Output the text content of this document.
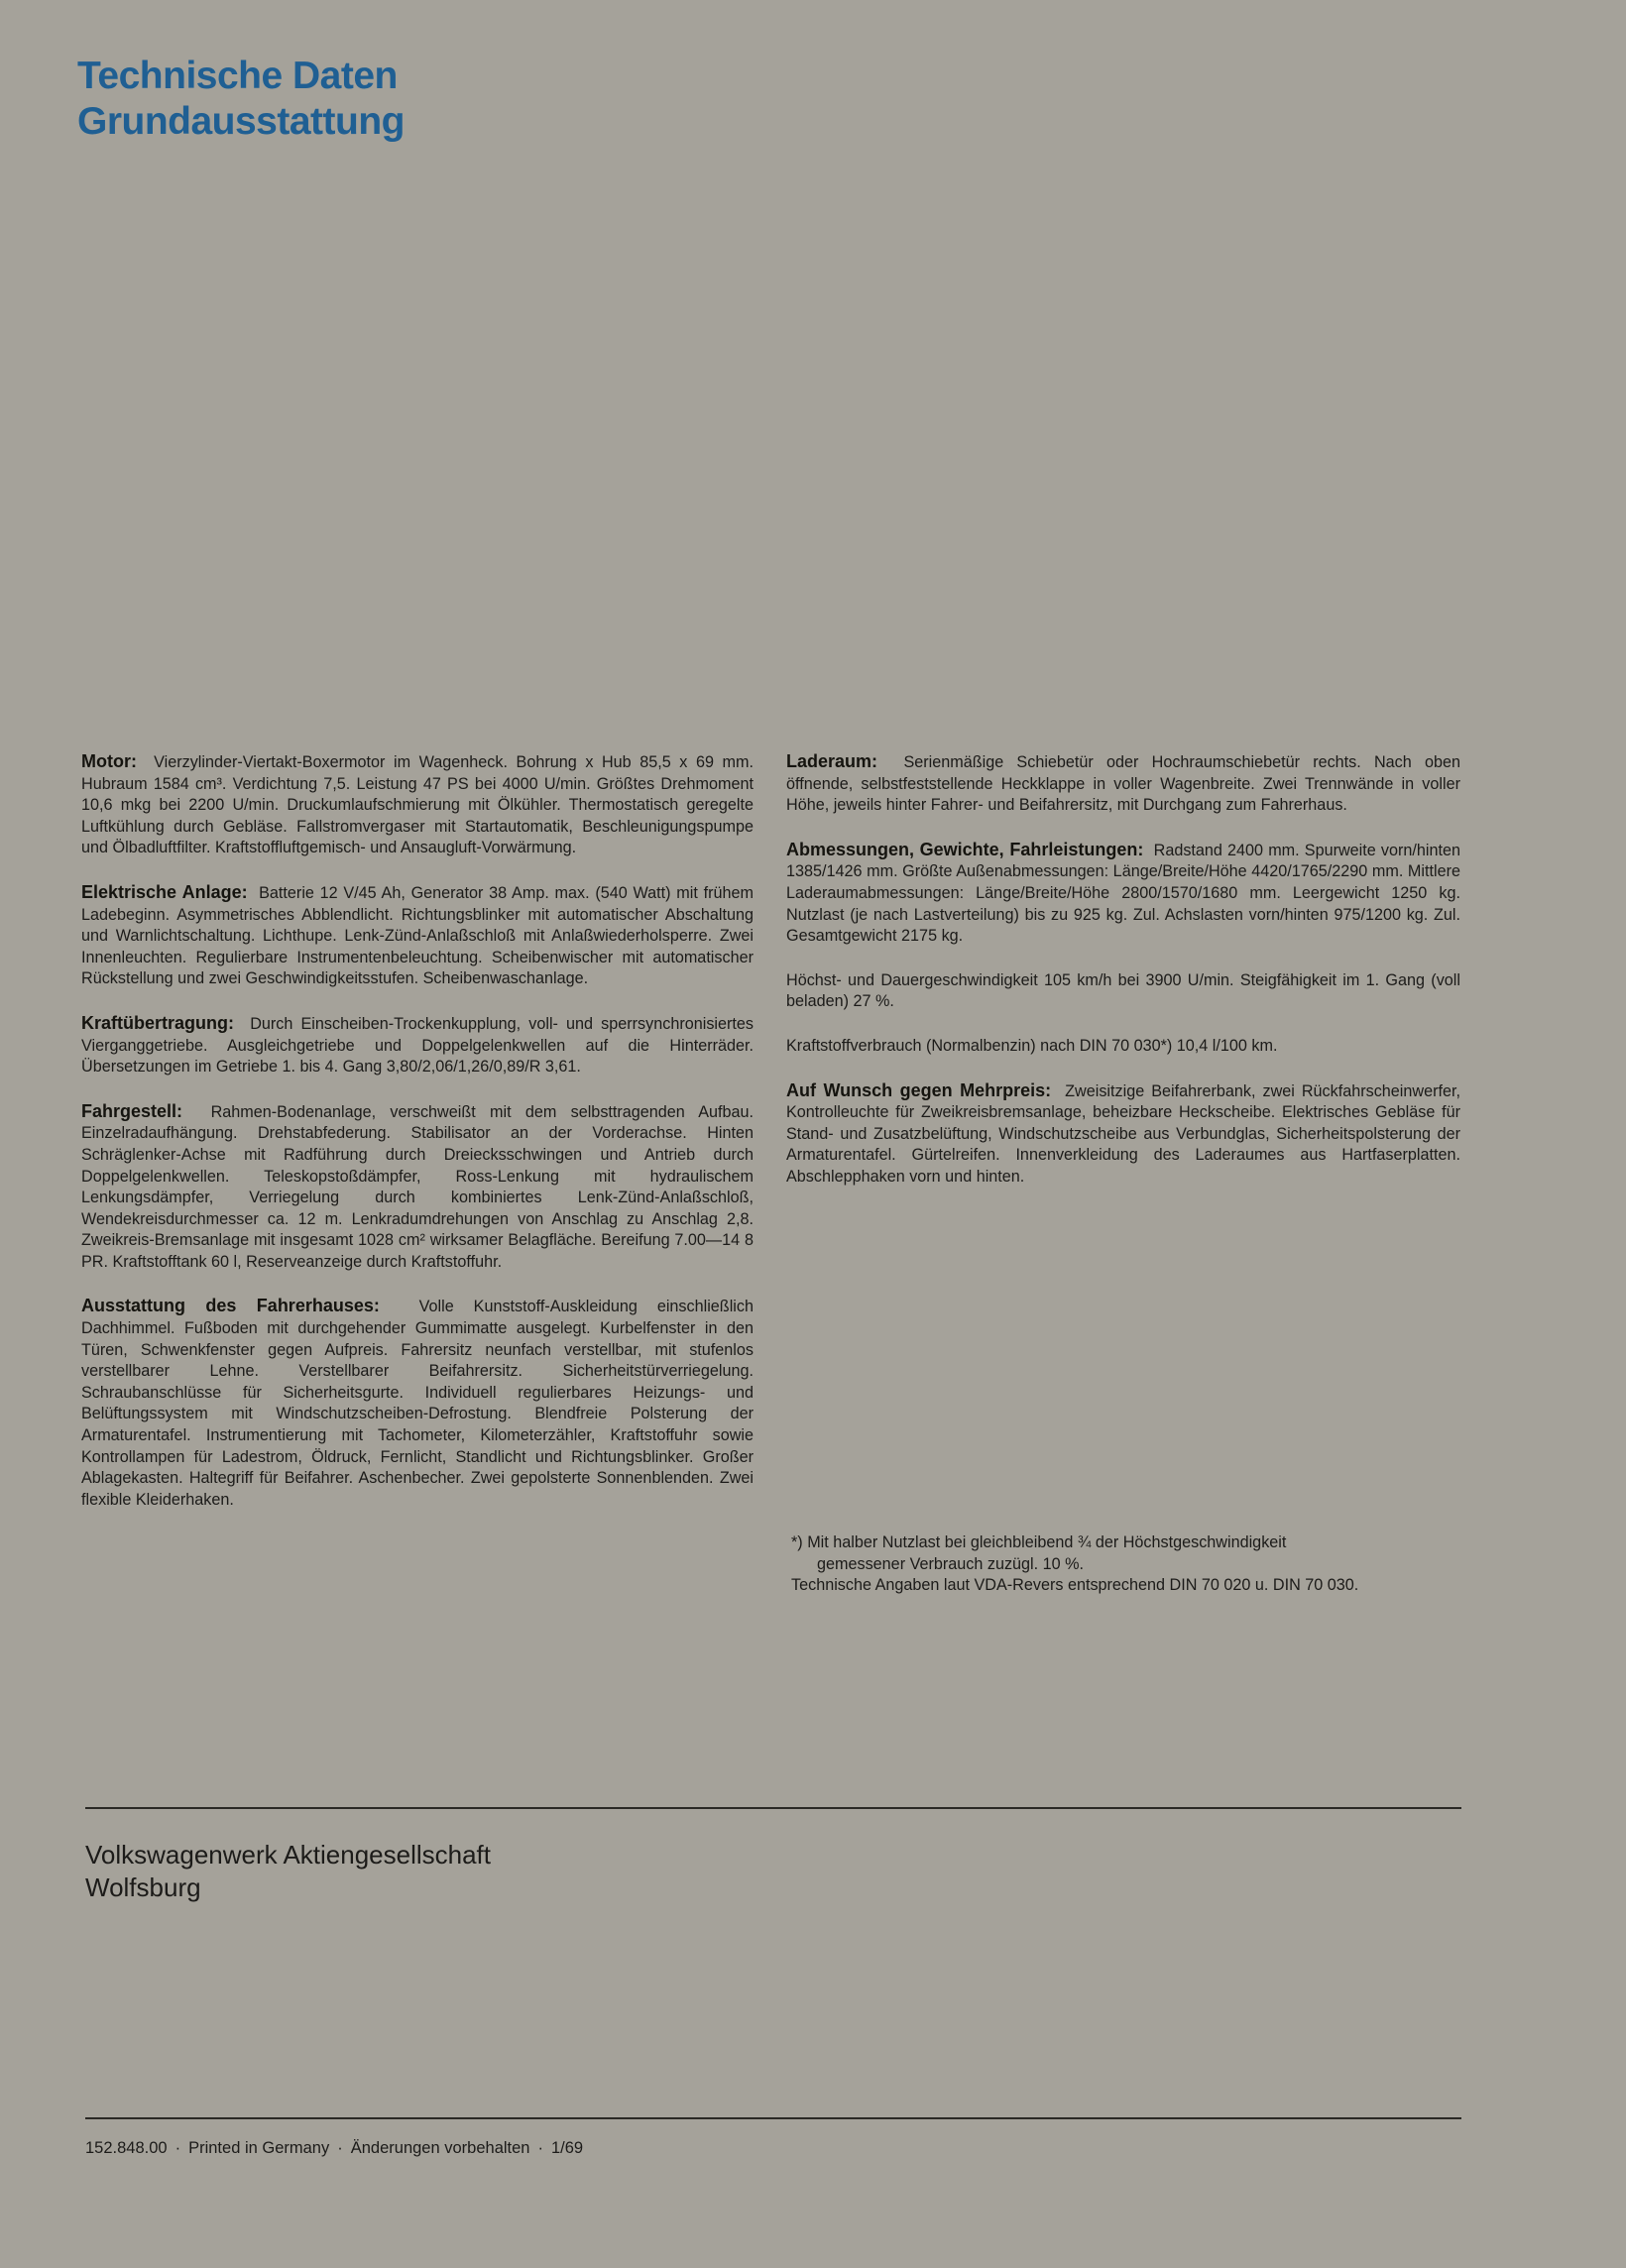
Technische Daten
Grundausstattung

Motor: Vierzylinder-Viertakt-Boxermotor im Wagenheck. Bohrung x Hub 85,5 x 69 mm. Hubraum 1584 cm³. Verdichtung 7,5. Leistung 47 PS bei 4000 U/min. Größtes Drehmoment 10,6 mkg bei 2200 U/min. Druckumlaufschmierung mit Ölkühler. Thermostatisch geregelte Luftkühlung durch Gebläse. Fallstromvergaser mit Startautomatik, Beschleunigungspumpe und Ölbadluftfilter. Kraftstoffluftgemisch- und Ansaugluft-Vorwärmung.

Elektrische Anlage: Batterie 12 V/45 Ah, Generator 38 Amp. max. (540 Watt) mit frühem Ladebeginn. Asymmetrisches Abblendlicht. Richtungsblinker mit automatischer Abschaltung und Warnlichtschaltung. Lichthupe. Lenk-Zünd-Anlaßschloß mit Anlaßwiederholsperre. Zwei Innenleuchten. Regulierbare Instrumentenbeleuchtung. Scheibenwischer mit automatischer Rückstellung und zwei Geschwindigkeitsstufen. Scheibenwaschanlage.

Kraftübertragung: Durch Einscheiben-Trockenkupplung, voll- und sperrsynchronisiertes Vierganggetriebe. Ausgleichgetriebe und Doppelgelenkwellen auf die Hinterräder. Übersetzungen im Getriebe 1. bis 4. Gang 3,80/2,06/1,26/0,89/R 3,61.

Fahrgestell: Rahmen-Bodenanlage, verschweißt mit dem selbsttragenden Aufbau. Einzelradaufhängung. Drehstabfederung. Stabilisator an der Vorderachse. Hinten Schräglenker-Achse mit Radführung durch Dreiecksschwingen und Antrieb durch Doppelgelenkwellen. Teleskopstoßdämpfer, Ross-Lenkung mit hydraulischem Lenkungsdämpfer, Verriegelung durch kombiniertes Lenk-Zünd-Anlaßschloß, Wendekreisdurchmesser ca. 12 m. Lenkradumdrehungen von Anschlag zu Anschlag 2,8. Zweikreis-Bremsanlage mit insgesamt 1028 cm² wirksamer Belagfläche. Bereifung 7.00—14 8 PR. Kraftstofftank 60 l, Reserveanzeige durch Kraftstoffuhr.

Ausstattung des Fahrerhauses: Volle Kunststoff-Auskleidung einschließlich Dachhimmel. Fußboden mit durchgehender Gummimatte ausgelegt. Kurbelfenster in den Türen, Schwenkfenster gegen Aufpreis. Fahrersitz neunfach verstellbar, mit stufenlos verstellbarer Lehne. Verstellbarer Beifahrersitz. Sicherheitstürverriegelung. Schraubanschlüsse für Sicherheitsgurte. Individuell regulierbares Heizungs- und Belüftungssystem mit Windschutzscheiben-Defrostung. Blendfreie Polsterung der Armaturentafel. Instrumentierung mit Tachometer, Kilometerzähler, Kraftstoffuhr sowie Kontrollampen für Ladestrom, Öldruck, Fernlicht, Standlicht und Richtungsblinker. Großer Ablagekasten. Haltegriff für Beifahrer. Aschenbecher. Zwei gepolsterte Sonnenblenden. Zwei flexible Kleiderhaken.

Laderaum: Serienmäßige Schiebetür oder Hochraumschiebetür rechts. Nach oben öffnende, selbstfeststellende Heckklappe in voller Wagenbreite. Zwei Trennwände in voller Höhe, jeweils hinter Fahrer- und Beifahrersitz, mit Durchgang zum Fahrerhaus.

Abmessungen, Gewichte, Fahrleistungen: Radstand 2400 mm. Spurweite vorn/hinten 1385/1426 mm. Größte Außenabmessungen: Länge/Breite/Höhe 4420/1765/2290 mm. Mittlere Laderaumabmessungen: Länge/Breite/Höhe 2800/1570/1680 mm. Leergewicht 1250 kg. Nutzlast (je nach Lastverteilung) bis zu 925 kg. Zul. Achslasten vorn/hinten 975/1200 kg. Zul. Gesamtgewicht 2175 kg.

Höchst- und Dauergeschwindigkeit 105 km/h bei 3900 U/min. Steigfähigkeit im 1. Gang (voll beladen) 27 %.

Kraftstoffverbrauch (Normalbenzin) nach DIN 70 030*) 10,4 l/100 km.

Auf Wunsch gegen Mehrpreis: Zweisitzige Beifahrerbank, zwei Rückfahrscheinwerfer, Kontrolleuchte für Zweikreisbremsanlage, beheizbare Heckscheibe. Elektrisches Gebläse für Stand- und Zusatzbelüftung, Windschutzscheibe aus Verbundglas, Sicherheitspolsterung der Armaturentafel. Gürtelreifen. Innenverkleidung des Laderaumes aus Hartfaserplatten. Abschlepphaken vorn und hinten.

*) Mit halber Nutzlast bei gleichbleibend ¾ der Höchstgeschwindigkeit
gemessener Verbrauch zuzügl. 10 %.
Technische Angaben laut VDA-Revers entsprechend DIN 70 020 u. DIN 70 030.
Volkswagenwerk Aktiengesellschaft
Wolfsburg
152.848.00 · Printed in Germany · Änderungen vorbehalten · 1/69
